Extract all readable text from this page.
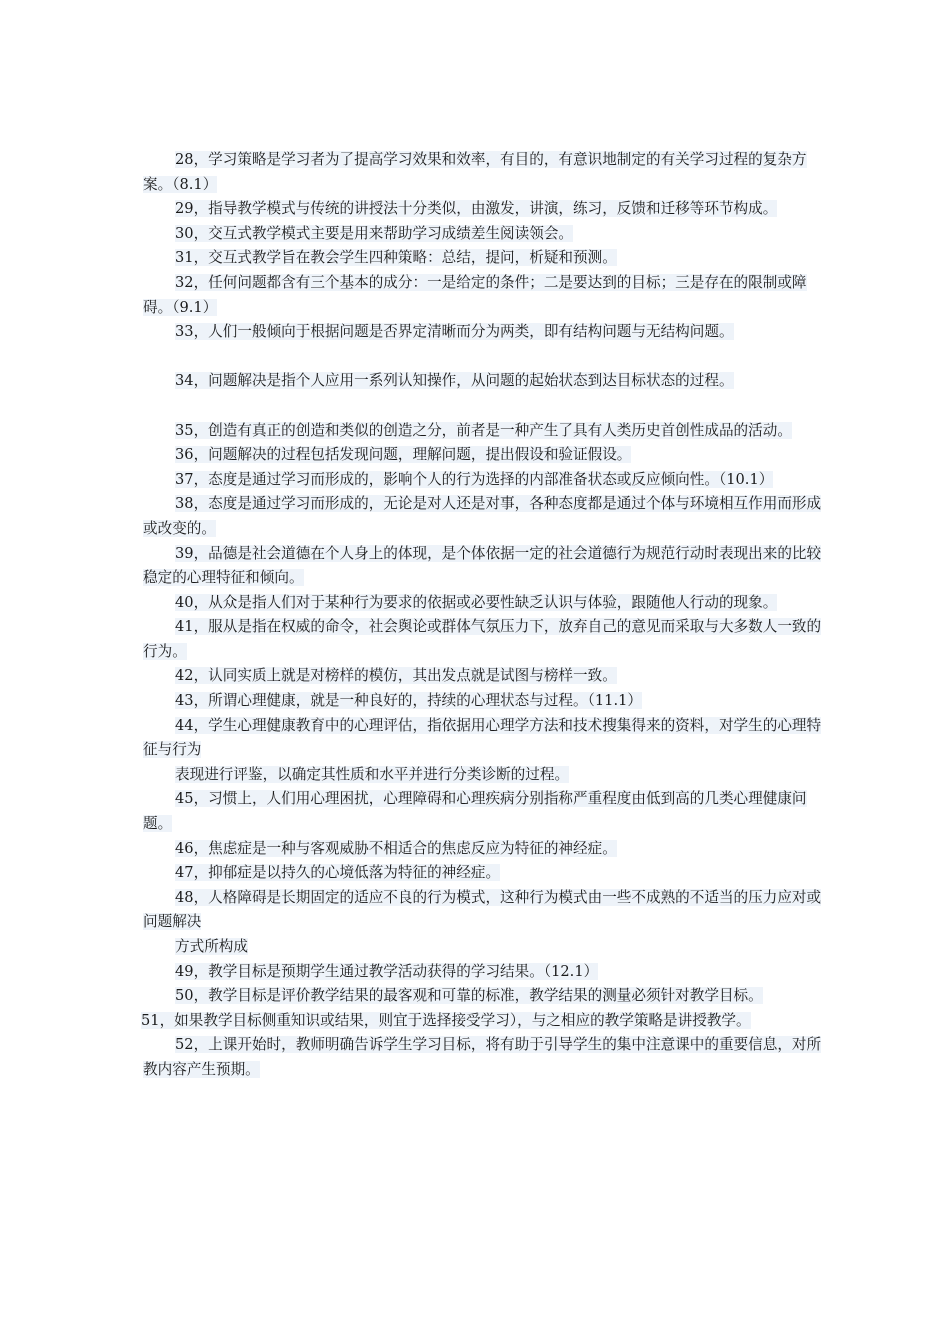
28，学习策略是学习者为了提高学习效果和效率，有目的，有意识地制定的有关学习过程的复杂方案。（8.1）

29，指导教学模式与传统的讲授法十分类似，由激发，讲演，练习，反馈和迁移等环节构成。

30，交互式教学模式主要是用来帮助学习成绩差生阅读领会。

31，交互式教学旨在教会学生四种策略：总结，提问，析疑和预测。

32，任何问题都含有三个基本的成分：一是给定的条件；二是要达到的目标；三是存在的限制或障碍。（9.1）

33，人们一般倾向于根据问题是否界定清晰而分为两类，即有结构问题与无结构问题。

34，问题解决是指个人应用一系列认知操作，从问题的起始状态到达目标状态的过程。

35，创造有真正的创造和类似的创造之分，前者是一种产生了具有人类历史首创性成品的活动。

36，问题解决的过程包括发现问题，理解问题，提出假设和验证假设。

37，态度是通过学习而形成的，影响个人的行为选择的内部准备状态或反应倾向性。（10.1）

38，态度是通过学习而形成的，无论是对人还是对事，各种态度都是通过个体与环境相互作用而形成或改变的。

39，品德是社会道德在个人身上的体现，是个体依据一定的社会道德行为规范行动时表现出来的比较稳定的心理特征和倾向。

40，从众是指人们对于某种行为要求的依据或必要性缺乏认识与体验，跟随他人行动的现象。

41，服从是指在权威的命令，社会舆论或群体气氛压力下，放弃自己的意见而采取与大多数人一致的行为。

42，认同实质上就是对榜样的模仿，其出发点就是试图与榜样一致。

43，所谓心理健康，就是一种良好的，持续的心理状态与过程。（11.1）

44，学生心理健康教育中的心理评估，指依据用心理学方法和技术搜集得来的资料，对学生的心理特征与行为

表现进行评鉴，以确定其性质和水平并进行分类诊断的过程。

45，习惯上，人们用心理困扰，心理障碍和心理疾病分别指称严重程度由低到高的几类心理健康问题。

46，焦虑症是一种与客观威胁不相适合的焦虑反应为特征的神经症。

47，抑郁症是以持久的心境低落为特征的神经症。

48，人格障碍是长期固定的适应不良的行为模式，这种行为模式由一些不成熟的不适当的压力应对或问题解决

方式所构成

49，教学目标是预期学生通过教学活动获得的学习结果。（12.1）

50，教学目标是评价教学结果的最客观和可靠的标准，教学结果的测量必须针对教学目标。

51，如果教学目标侧重知识或结果，则宜于选择接受学习），与之相应的教学策略是讲授教学。

52，上课开始时，教师明确告诉学生学习目标，将有助于引导学生的集中注意课中的重要信息，对所教内容产生预期。
